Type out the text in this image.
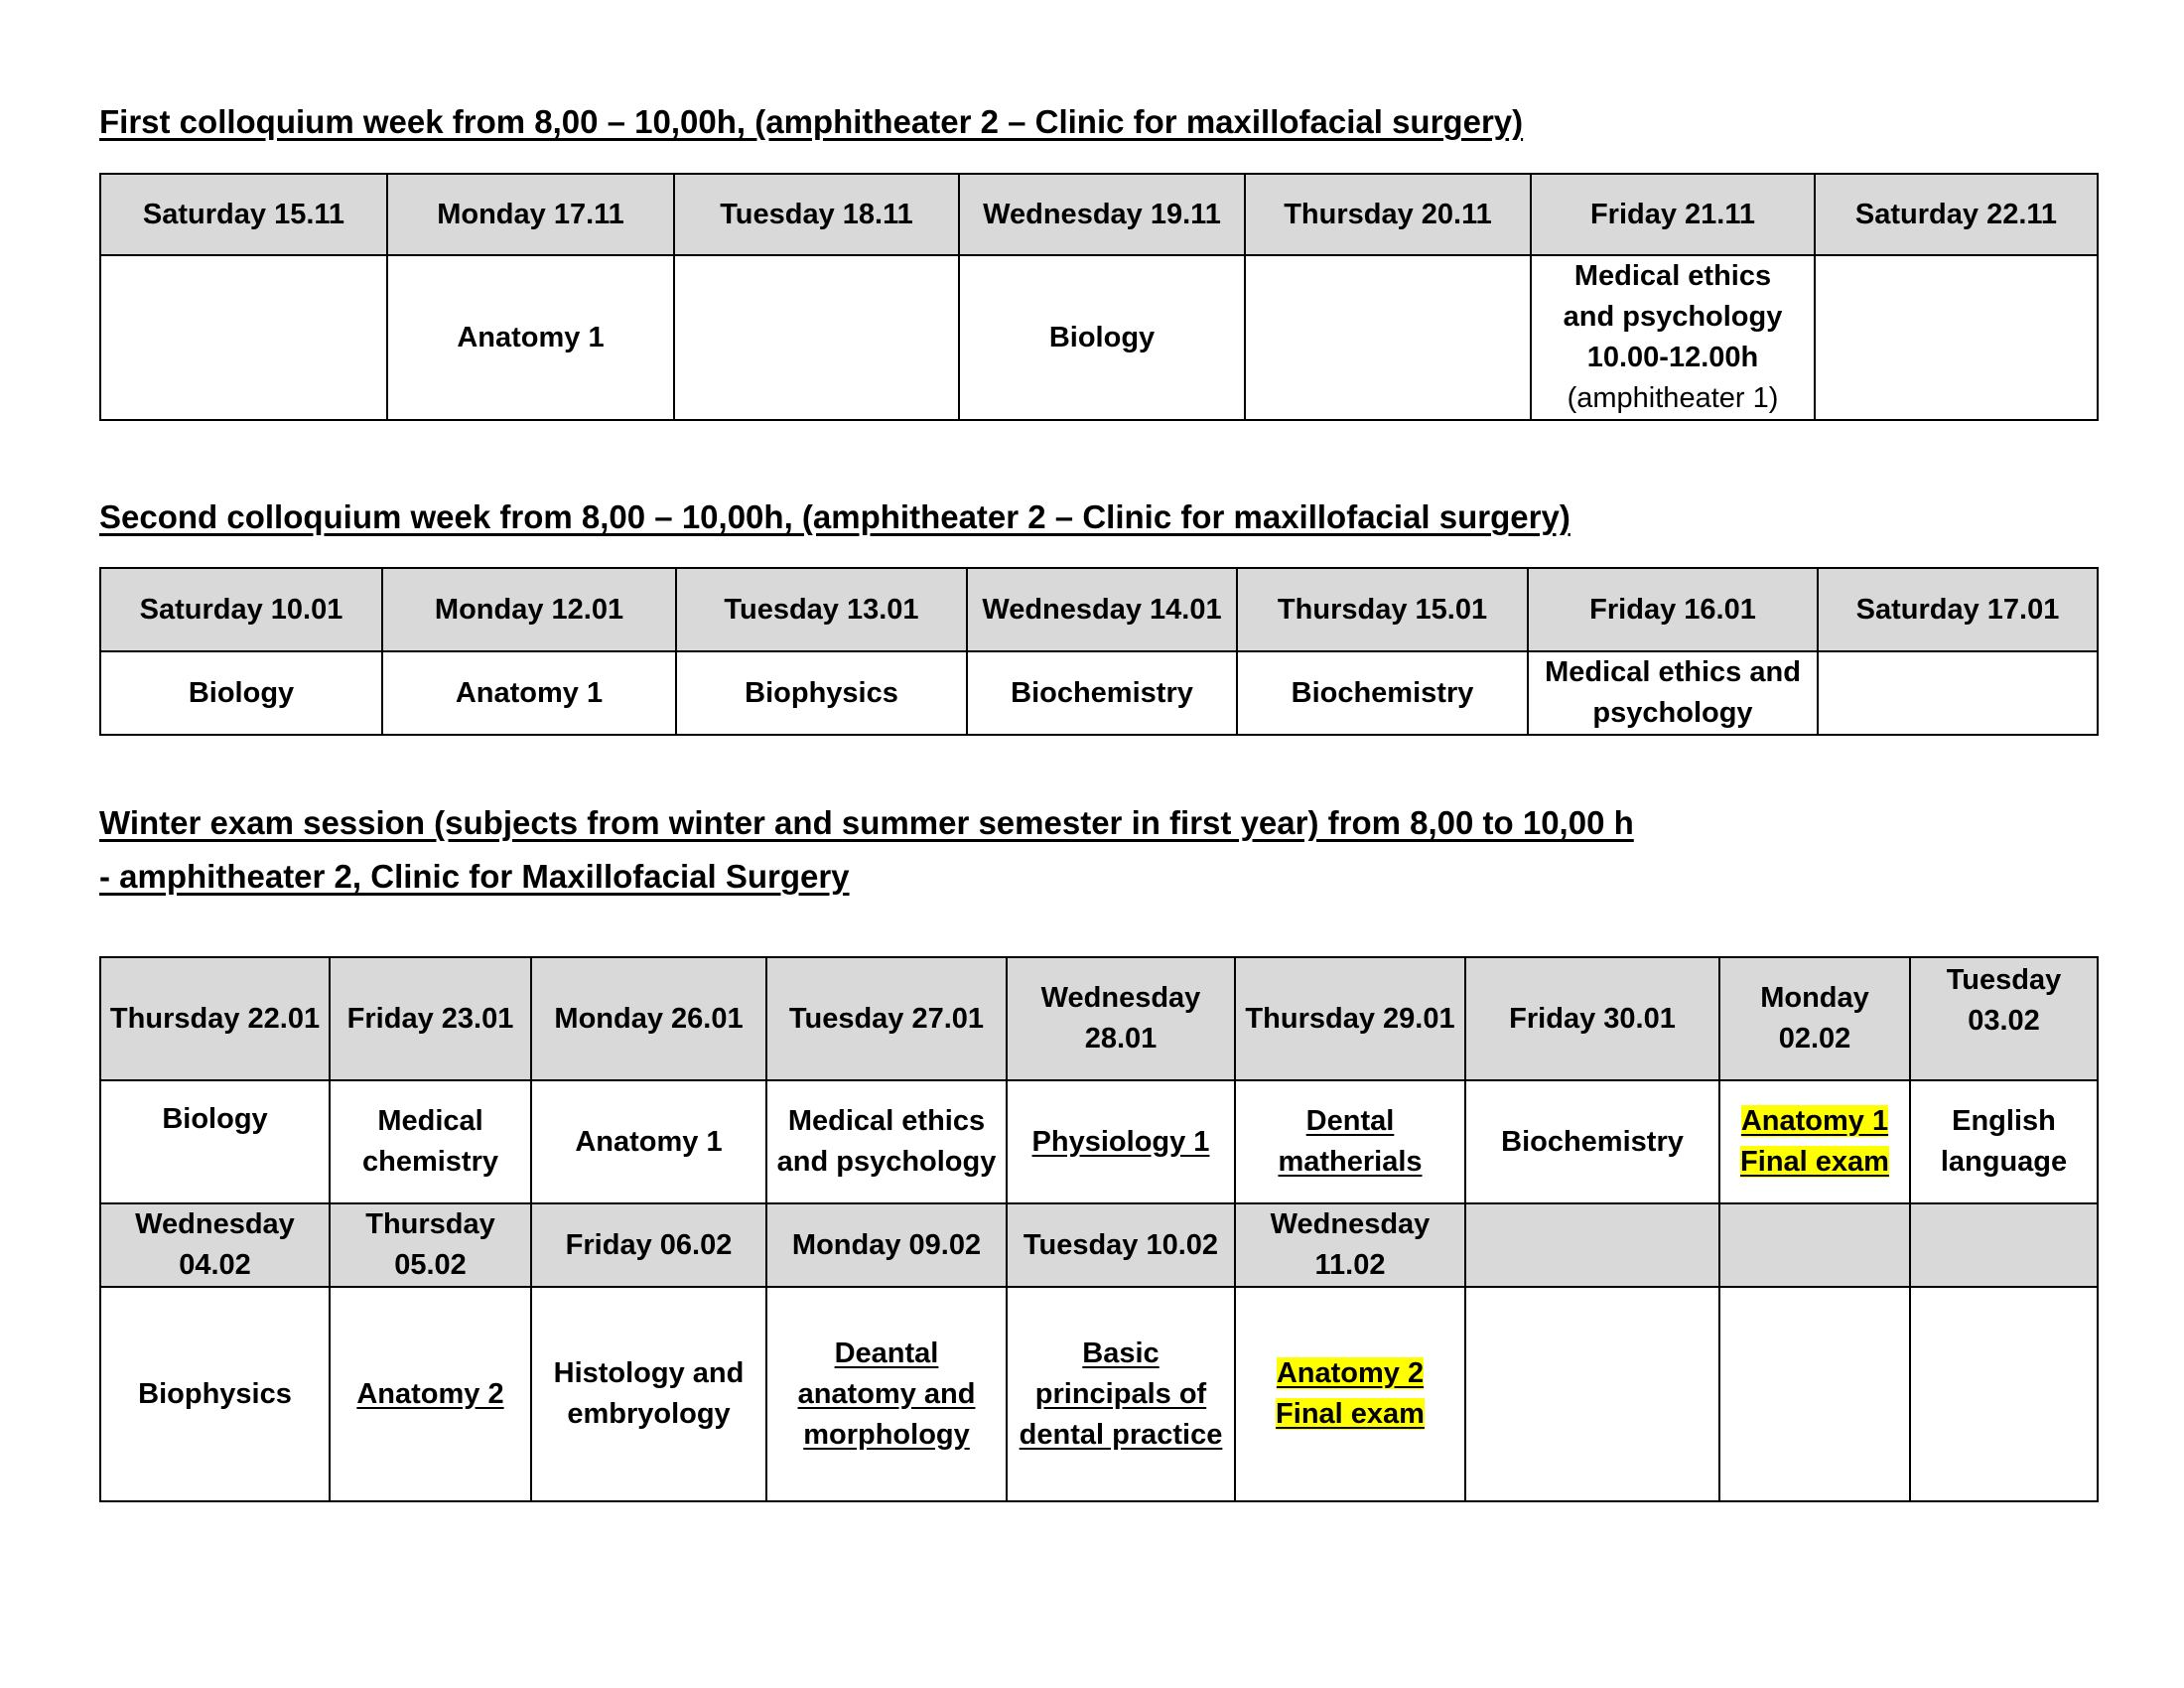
First colloquium week from 8,00 – 10,00h, (amphitheater 2 – Clinic for maxillofacial surgery)

Saturday 15.11	Monday 17.11	Tuesday 18.11	Wednesday 19.11	Thursday 20.11	Friday 21.11	Saturday 22.11
	Anatomy 1		Biology		Medical ethics
and psychology
10.00-12.00h
(amphitheater 1)	

Second colloquium week from 8,00 – 10,00h, (amphitheater 2 – Clinic for maxillofacial surgery)

Saturday 10.01	Monday 12.01	Tuesday 13.01	Wednesday 14.01	Thursday 15.01	Friday 16.01	Saturday 17.01
Biology	Anatomy 1	Biophysics	Biochemistry	Biochemistry	Medical ethics and psychology	

Winter exam session (subjects from winter and summer semester in first year) from 8,00 to 10,00 h

- amphitheater 2, Clinic for Maxillofacial Surgery

Thursday 22.01	Friday 23.01	Monday 26.01	Tuesday 27.01	Wednesday 28.01	Thursday 29.01	Friday 30.01	Monday 02.02	Tuesday 03.02
Biology	Medical chemistry	Anatomy 1	Medical ethics and psychology	Physiology 1	Dental matherials	Biochemistry	Anatomy 1 Final exam	English language
Wednesday 04.02	Thursday 05.02	Friday 06.02	Monday 09.02	Tuesday 10.02	Wednesday 11.02			
Biophysics	Anatomy 2	Histology and embryology	Deantal anatomy and morphology	Basic principals of dental practice	Anatomy 2 Final exam			
